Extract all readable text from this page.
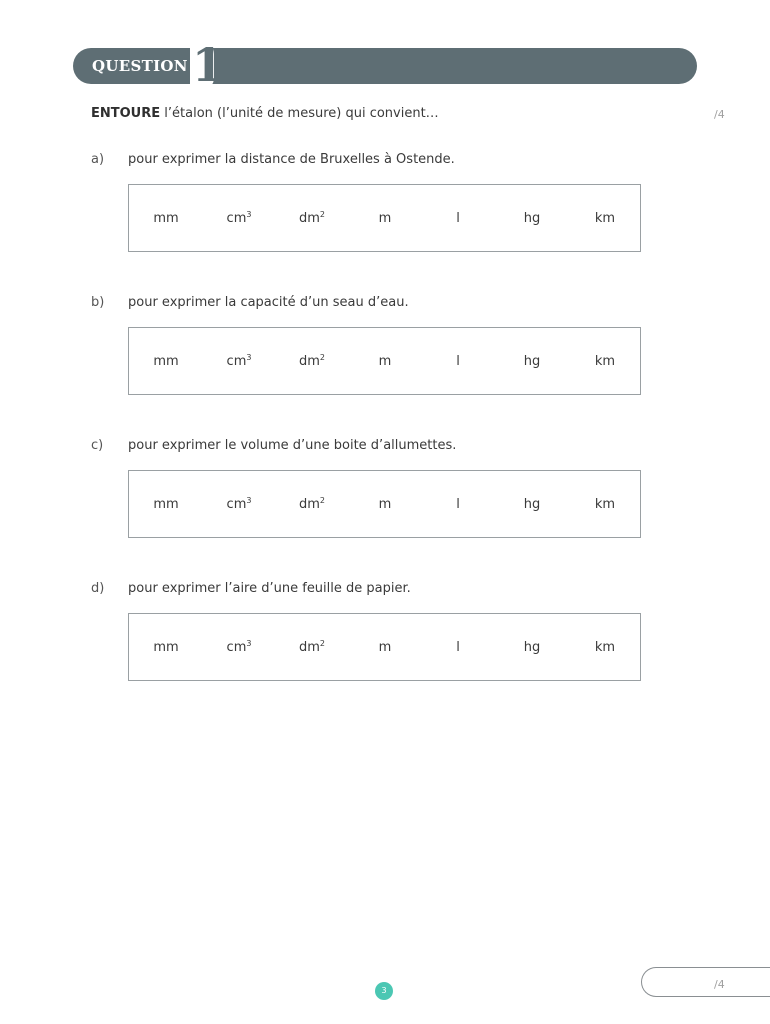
QUESTION 1
ENTOURE l’étalon (l’unité de mesure) qui convient…	/4
a) pour exprimer la distance de Bruxelles à Ostende.
mm	$cm^3$	$dm^2$	m	l	hg	km
b) pour exprimer la capacité d’un seau d’eau.
mm	$cm^3$	$dm^2$	m	l	hg	km
c) pour exprimer le volume d’une boite d’allumettes.
mm	$cm^3$	$dm^2$	m	l	hg	km
d) pour exprimer l’aire d’une feuille de papier.
mm	$cm^3$	$dm^2$	m	l	hg	km
3	/4
